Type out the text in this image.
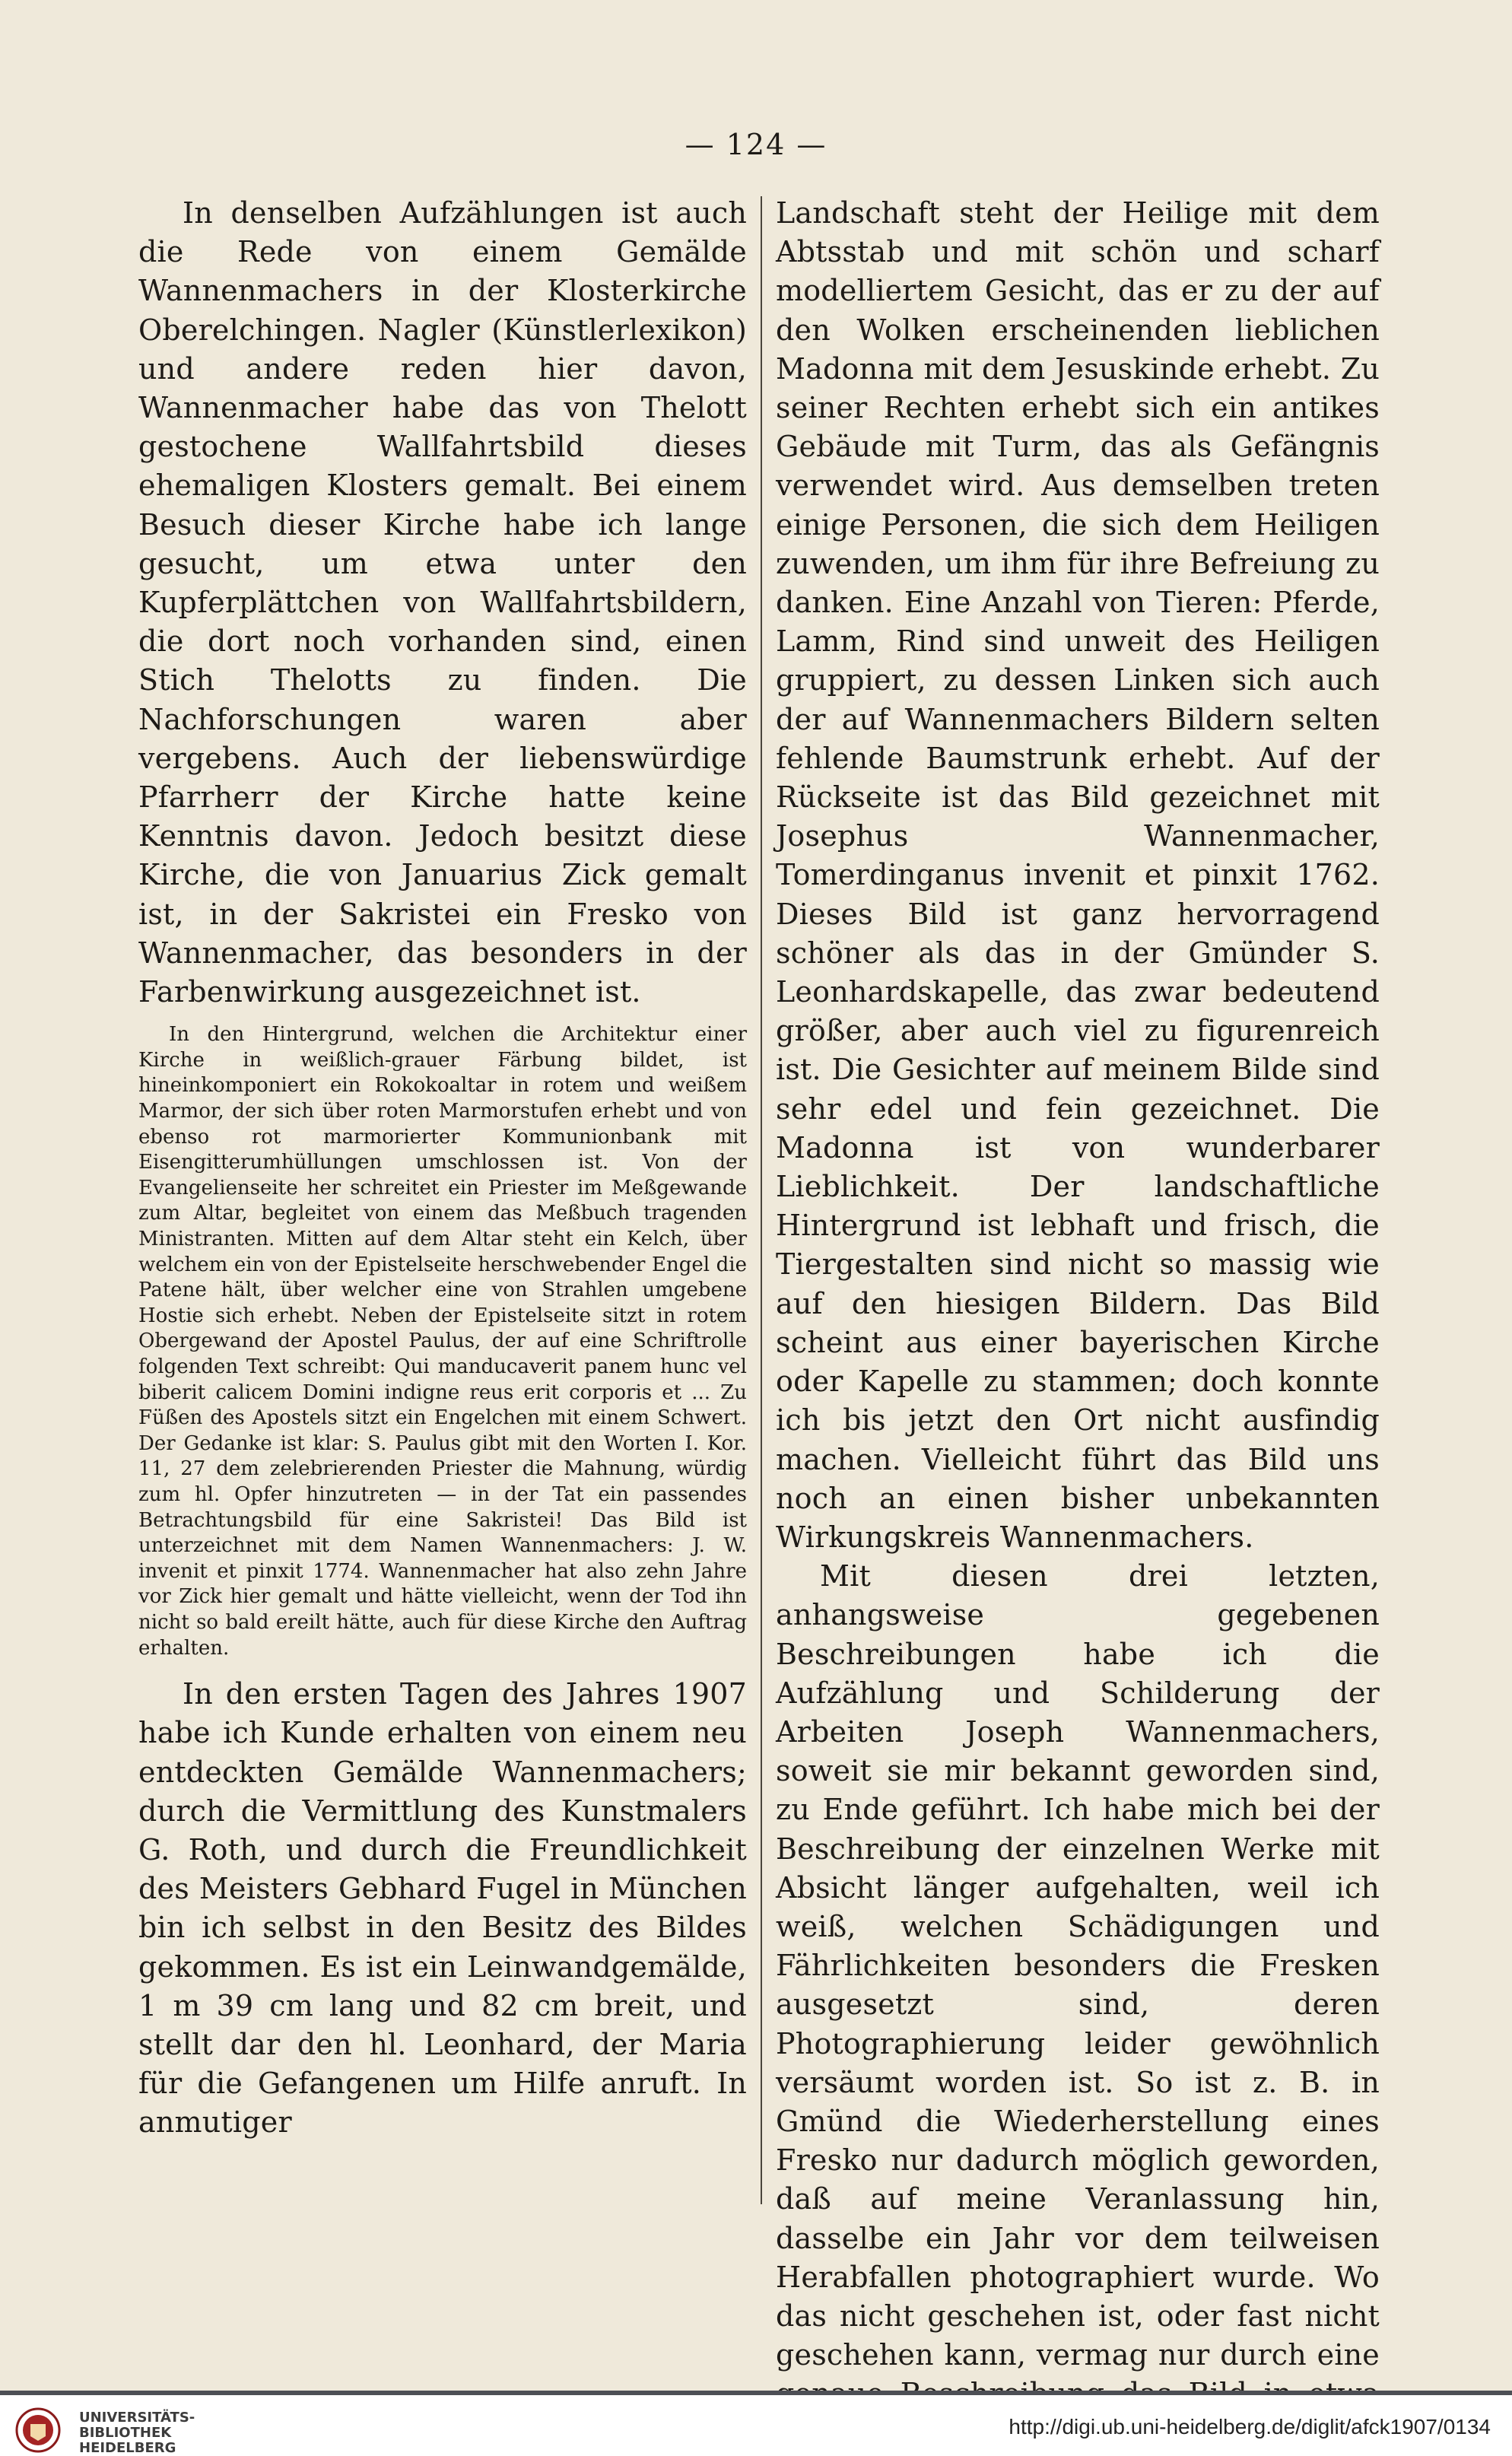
— 124 —

In denselben Aufzählungen ist auch die Rede von einem Gemälde Wannenmachers in der Klosterkirche Oberelchingen. Nagler (Künstlerlexikon) und andere reden hier davon, Wannenmacher habe das von Thelott gestochene Wallfahrtsbild dieses ehemaligen Klosters gemalt. Bei einem Besuch dieser Kirche habe ich lange gesucht, um etwa unter den Kupferplättchen von Wallfahrtsbildern, die dort noch vorhanden sind, einen Stich Thelotts zu finden. Die Nachforschungen waren aber vergebens. Auch der liebenswürdige Pfarrherr der Kirche hatte keine Kenntnis davon. Jedoch besitzt diese Kirche, die von Januarius Zick gemalt ist, in der Sakristei ein Fresko von Wannenmacher, das besonders in der Farbenwirkung ausgezeichnet ist.

In den Hintergrund, welchen die Architektur einer Kirche in weißlich-grauer Färbung bildet, ist hineinkomponiert ein Rokokoaltar in rotem und weißem Marmor, der sich über roten Marmorstufen erhebt und von ebenso rot marmorierter Kommunionbank mit Eisengitterumhüllungen umschlossen ist. Von der Evangelienseite her schreitet ein Priester im Meßgewande zum Altar, begleitet von einem das Meßbuch tragenden Ministranten. Mitten auf dem Altar steht ein Kelch, über welchem ein von der Epistelseite herschwebender Engel die Patene hält, über welcher eine von Strahlen umgebene Hostie sich erhebt. Neben der Epistelseite sitzt in rotem Obergewand der Apostel Paulus, der auf eine Schriftrolle folgenden Text schreibt: Qui manducaverit panem hunc vel biberit calicem Domini indigne reus erit corporis et ... Zu Füßen des Apostels sitzt ein Engelchen mit einem Schwert. Der Gedanke ist klar: S. Paulus gibt mit den Worten I. Kor. 11, 27 dem zelebrierenden Priester die Mahnung, würdig zum hl. Opfer hinzutreten — in der Tat ein passendes Betrachtungsbild für eine Sakristei! Das Bild ist unterzeichnet mit dem Namen Wannenmachers: J. W. invenit et pinxit 1774. Wannenmacher hat also zehn Jahre vor Zick hier gemalt und hätte vielleicht, wenn der Tod ihn nicht so bald ereilt hätte, auch für diese Kirche den Auftrag erhalten.

In den ersten Tagen des Jahres 1907 habe ich Kunde erhalten von einem neu entdeckten Gemälde Wannenmachers; durch die Vermittlung des Kunstmalers G. Roth, und durch die Freundlichkeit des Meisters Gebhard Fugel in München bin ich selbst in den Besitz des Bildes gekommen. Es ist ein Leinwandgemälde, 1 m 39 cm lang und 82 cm breit, und stellt dar den hl. Leonhard, der Maria für die Gefangenen um Hilfe anruft. In anmutiger

Landschaft steht der Heilige mit dem Abtsstab und mit schön und scharf modelliertem Gesicht, das er zu der auf den Wolken erscheinenden lieblichen Madonna mit dem Jesuskinde erhebt. Zu seiner Rechten erhebt sich ein antikes Gebäude mit Turm, das als Gefängnis verwendet wird. Aus demselben treten einige Personen, die sich dem Heiligen zuwenden, um ihm für ihre Befreiung zu danken. Eine Anzahl von Tieren: Pferde, Lamm, Rind sind unweit des Heiligen gruppiert, zu dessen Linken sich auch der auf Wannenmachers Bildern selten fehlende Baumstrunk erhebt. Auf der Rückseite ist das Bild gezeichnet mit Josephus Wannenmacher, Tomerdinganus invenit et pinxit 1762. Dieses Bild ist ganz hervorragend schöner als das in der Gmünder S. Leonhardskapelle, das zwar bedeutend größer, aber auch viel zu figurenreich ist. Die Gesichter auf meinem Bilde sind sehr edel und fein gezeichnet. Die Madonna ist von wunderbarer Lieblichkeit. Der landschaftliche Hintergrund ist lebhaft und frisch, die Tiergestalten sind nicht so massig wie auf den hiesigen Bildern. Das Bild scheint aus einer bayerischen Kirche oder Kapelle zu stammen; doch konnte ich bis jetzt den Ort nicht ausfindig machen. Vielleicht führt das Bild uns noch an einen bisher unbekannten Wirkungskreis Wannenmachers.

Mit diesen drei letzten, anhangsweise gegebenen Beschreibungen habe ich die Aufzählung und Schilderung der Arbeiten Joseph Wannenmachers, soweit sie mir bekannt geworden sind, zu Ende geführt. Ich habe mich bei der Beschreibung der einzelnen Werke mit Absicht länger aufgehalten, weil ich weiß, welchen Schädigungen und Fährlichkeiten besonders die Fresken ausgesetzt sind, deren Photographierung leider gewöhnlich versäumt worden ist. So ist z. B. in Gmünd die Wiederherstellung eines Fresko nur dadurch möglich geworden, daß auf meine Veranlassung hin, dasselbe ein Jahr vor dem teilweisen Herabfallen photographiert wurde. Wo das nicht geschehen ist, oder fast nicht geschehen kann, vermag nur durch eine

UNIVERSITÄTS-
BIBLIOTHEK
HEIDELBERG
http://digi.ub.uni-heidelberg.de/diglit/afck1907/0134
